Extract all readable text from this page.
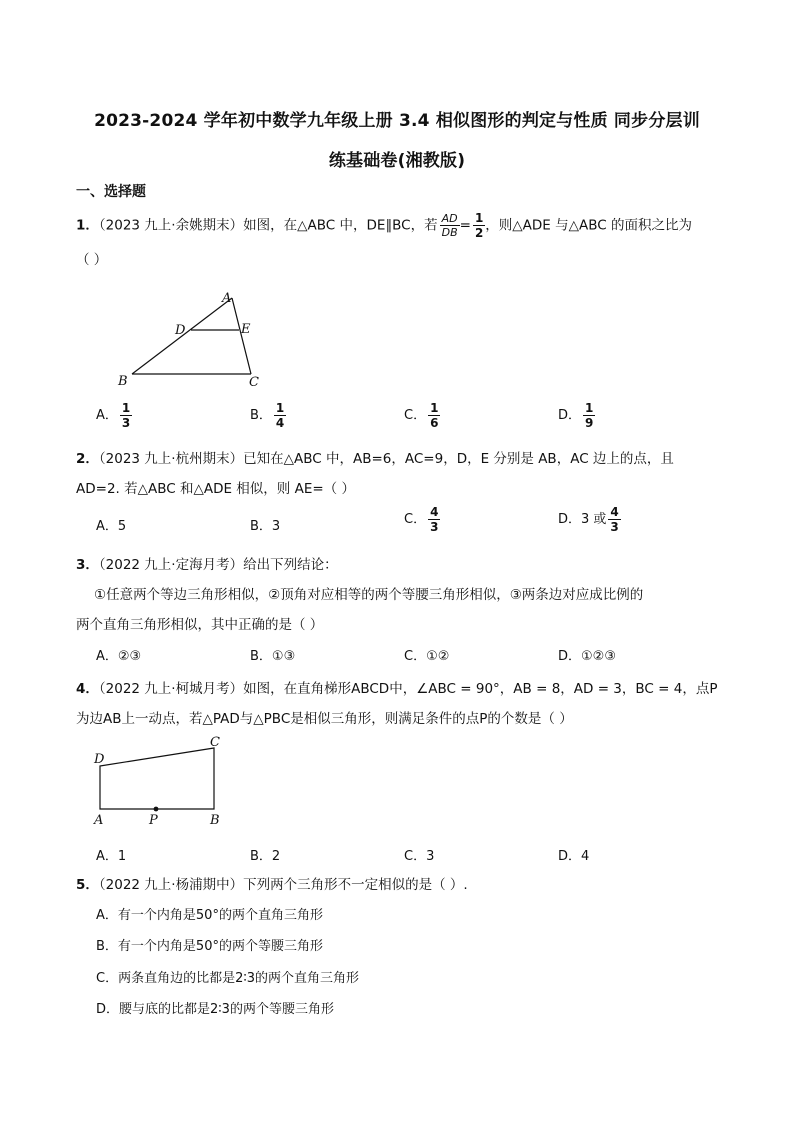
2023-2024 学年初中数学九年级上册 3.4 相似图形的判定与性质 同步分层训
练基础卷(湘教版)
一、选择题
1．（2023 九上·余姚期末）如图，在△ABC 中，DE∥BC，若 $\frac{AD}{DB} = \frac{1}{2}$ ，则△ADE 与△ABC 的面积之比为
（ ）
A
D	E
B	C
A． $\frac{1}{3}$	B． $\frac{1}{4}$	C． $\frac{1}{6}$	D． $\frac{1}{9}$
2．（2023 九上·杭州期末）已知在△ABC 中，AB=6，AC=9，D，E 分别是 AB，AC 边上的点，且
AD=2. 若△ABC 和△ADE 相似，则 AE=（ ）
A．5	B．3	C． $\frac{4}{3}$	D．3 或 $\frac{4}{3}$
3．（2022 九上·定海月考）给出下列结论：
①任意两个等边三角形相似，②顶角对应相等的两个等腰三角形相似，③两条边对应成比例的
两个直角三角形相似，其中正确的是（ ）
A．②③	B．①③	C．①②	D．①②③
4．（2022 九上·柯城月考）如图，在直角梯形ABCD中，∠ABC = 90°，AB = 8，AD = 3，BC = 4，点P
为边AB上一动点，若△PAD与△PBC是相似三角形，则满足条件的点P的个数是（ ）
D
C
A	P	B
A．1	B．2	C．3	D．4
5．（2022 九上·杨浦期中）下列两个三角形不一定相似的是（ ）.
A．有一个内角是50°的两个直角三角形
B．有一个内角是50°的两个等腰三角形
C．两条直角边的比都是2∶3的两个直角三角形
D．腰与底的比都是2∶3的两个等腰三角形
